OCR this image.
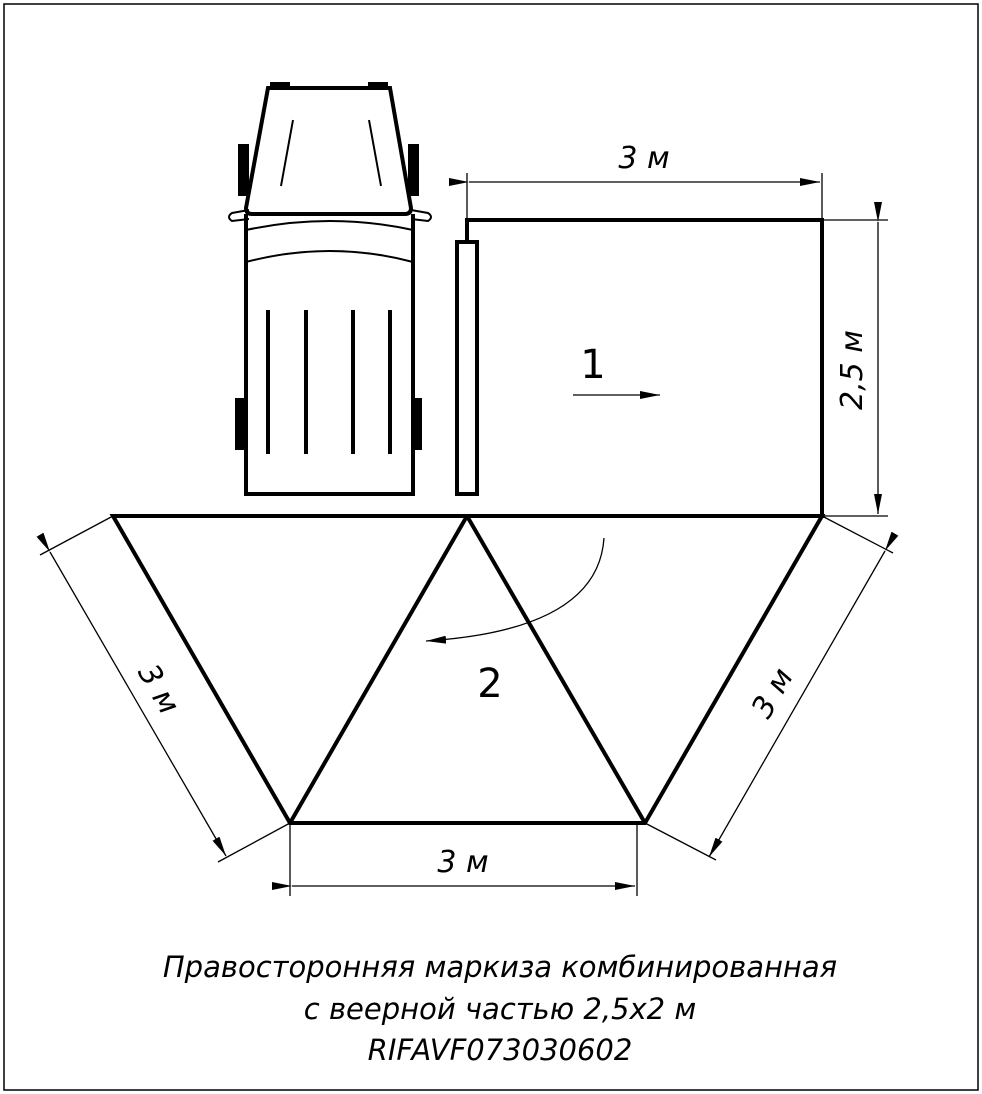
3 м
2,5 м
3 м	3 м
3 м
1
2
Правосторонняя маркиза комбинированная
с веерной частью 2,5х2 м
RIFAVF073030602
